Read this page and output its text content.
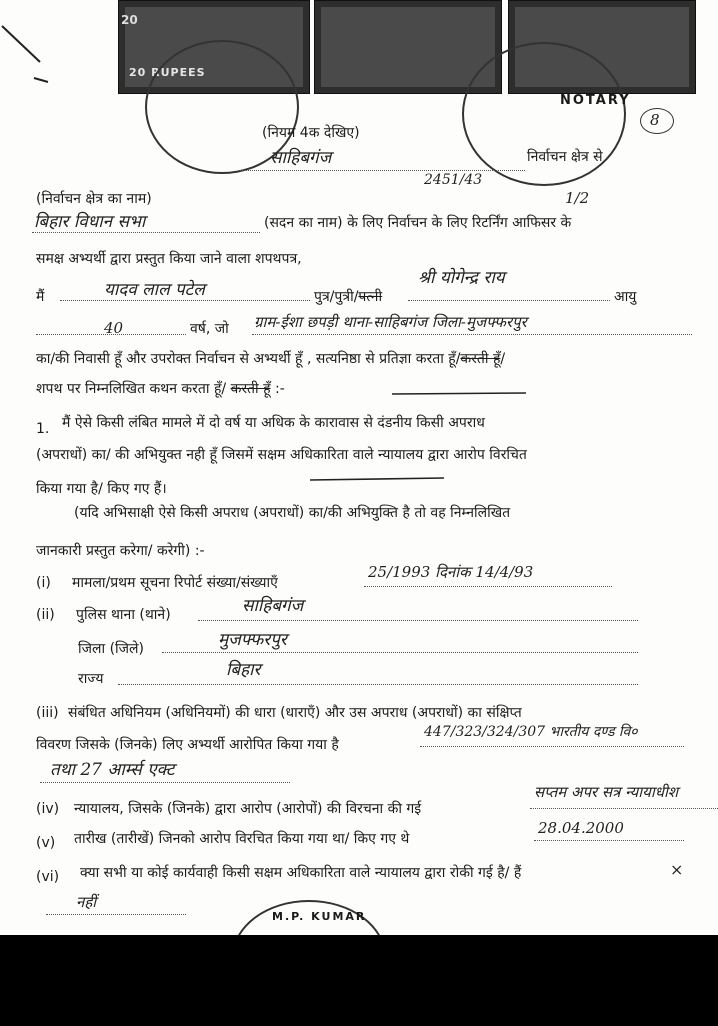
20
20 RUPEES
NOTARY
8
(नियम 4क देखिए)
साहिबगंज	निर्वाचन क्षेत्र से
2451/43
1/2
(निर्वाचन क्षेत्र का नाम)
बिहार विधान सभा	(सदन का नाम) के लिए निर्वाचन के लिए रिटर्निंग आफिसर के
समक्ष अभ्यर्थी द्वारा प्रस्तुत किया जाने वाला शपथपत्र,
मैं	यादव लाल पटेल	पुत्र/पुत्री/पत्नी
श्री योगेन्द्र राय
आयु
40	वर्ष, जो ग्राम-ईशा छपड़ी थाना-साहिबगंज जिला-मुजफ्फरपुर
का/की निवासी हूँ और उपरोक्त निर्वाचन से अभ्यर्थी हूँ , सत्यनिष्ठा से प्रतिज्ञा करता हूँ/करती हूँ/
शपथ पर निम्नलिखित कथन करता हूँ/ करती हूँ :-
1. मैं ऐसे किसी लंबित मामले में दो वर्ष या अधिक के कारावास से दंडनीय किसी अपराध
(अपराधों) का/ की अभियुक्त नही हूँ जिसमें सक्षम अधिकारिता वाले न्यायालय द्वारा आरोप विरचित
किया गया है/ किए गए हैं।
(यदि अभिसाक्षी ऐसे किसी अपराध (अपराधों) का/की अभियुक्ति है तो वह निम्नलिखित
जानकारी प्रस्तुत करेगा/ करेगी) :-
(i) मामला/प्रथम सूचना रिपोर्ट संख्या/संख्याएँ
25/1993 दिनांक 14/4/93
(ii) पुलिस थाना (थाने)	साहिबगंज
जिला (जिले)	मुजफ्फरपुर
राज्य	बिहार
(iii) संबंधित अधिनियम (अधिनियमों) की धारा (धाराएँ) और उस अपराध (अपराधों) का संक्षिप्त
विवरण जिसके (जिनके) लिए अभ्यर्थी आरोपित किया गया है
447/323/324/307 भारतीय दण्ड वि०
तथा 27 आर्म्स एक्ट
(iv) न्यायालय, जिसके (जिनके) द्वारा आरोप (आरोपों) की विरचना की गई
सप्तम अपर सत्र न्यायाधीश
(v) तारीख (तारीखें) जिनको आरोप विरचित किया गया था/ किए गए थे
28.04.2000
(vi) क्या सभी या कोई कार्यवाही किसी सक्षम अधिकारिता वाले न्यायालय द्वारा रोकी गई है/ हैं	×
नहीं
M.P. KUMAR
